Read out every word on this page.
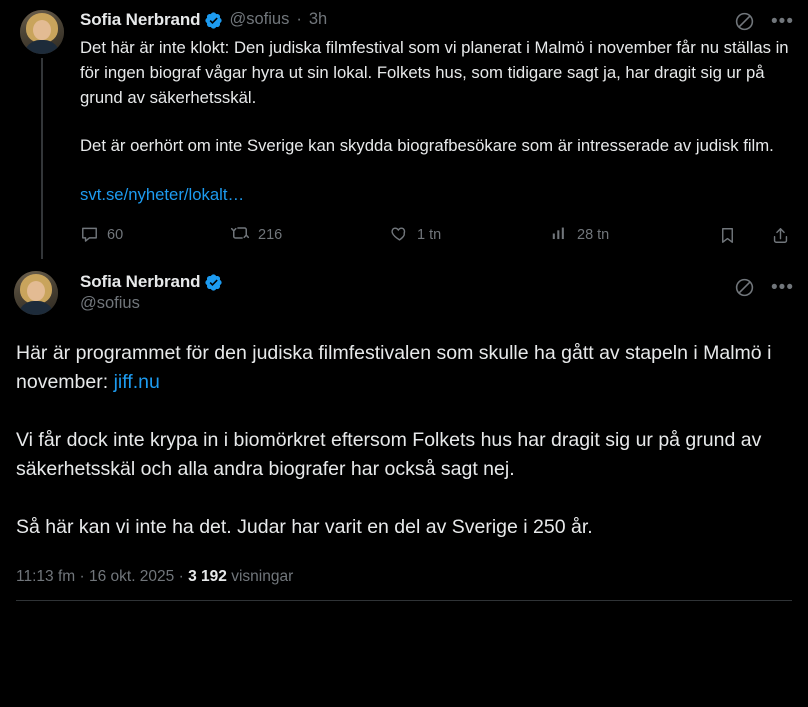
Sofia Nerbrand @sofius · 3h	•••
Det här är inte klokt: Den judiska filmfestival som vi planerat i Malmö i november får nu ställas in för ingen biograf vågar hyra ut sin lokal. Folkets hus, som tidigare sagt ja, har dragit sig ur på grund av säkerhetsskäl.
Det är oerhört om inte Sverige kan skydda biografbesökare som är intresserade av judisk film.
svt.se/nyheter/lokalt…
60	216	1 tn	28 tn
Sofia Nerbrand
@sofius
•••
Här är programmet för den judiska filmfestivalen som skulle ha gått av stapeln i Malmö i november: jiff.nu
Vi får dock inte krypa in i biomörkret eftersom Folkets hus har dragit sig ur på grund av säkerhetsskäl och alla andra biografer har också sagt nej.
Så här kan vi inte ha det. Judar har varit en del av Sverige i 250 år.
11:13 fm · 16 okt. 2025 · 3 192 visningar
